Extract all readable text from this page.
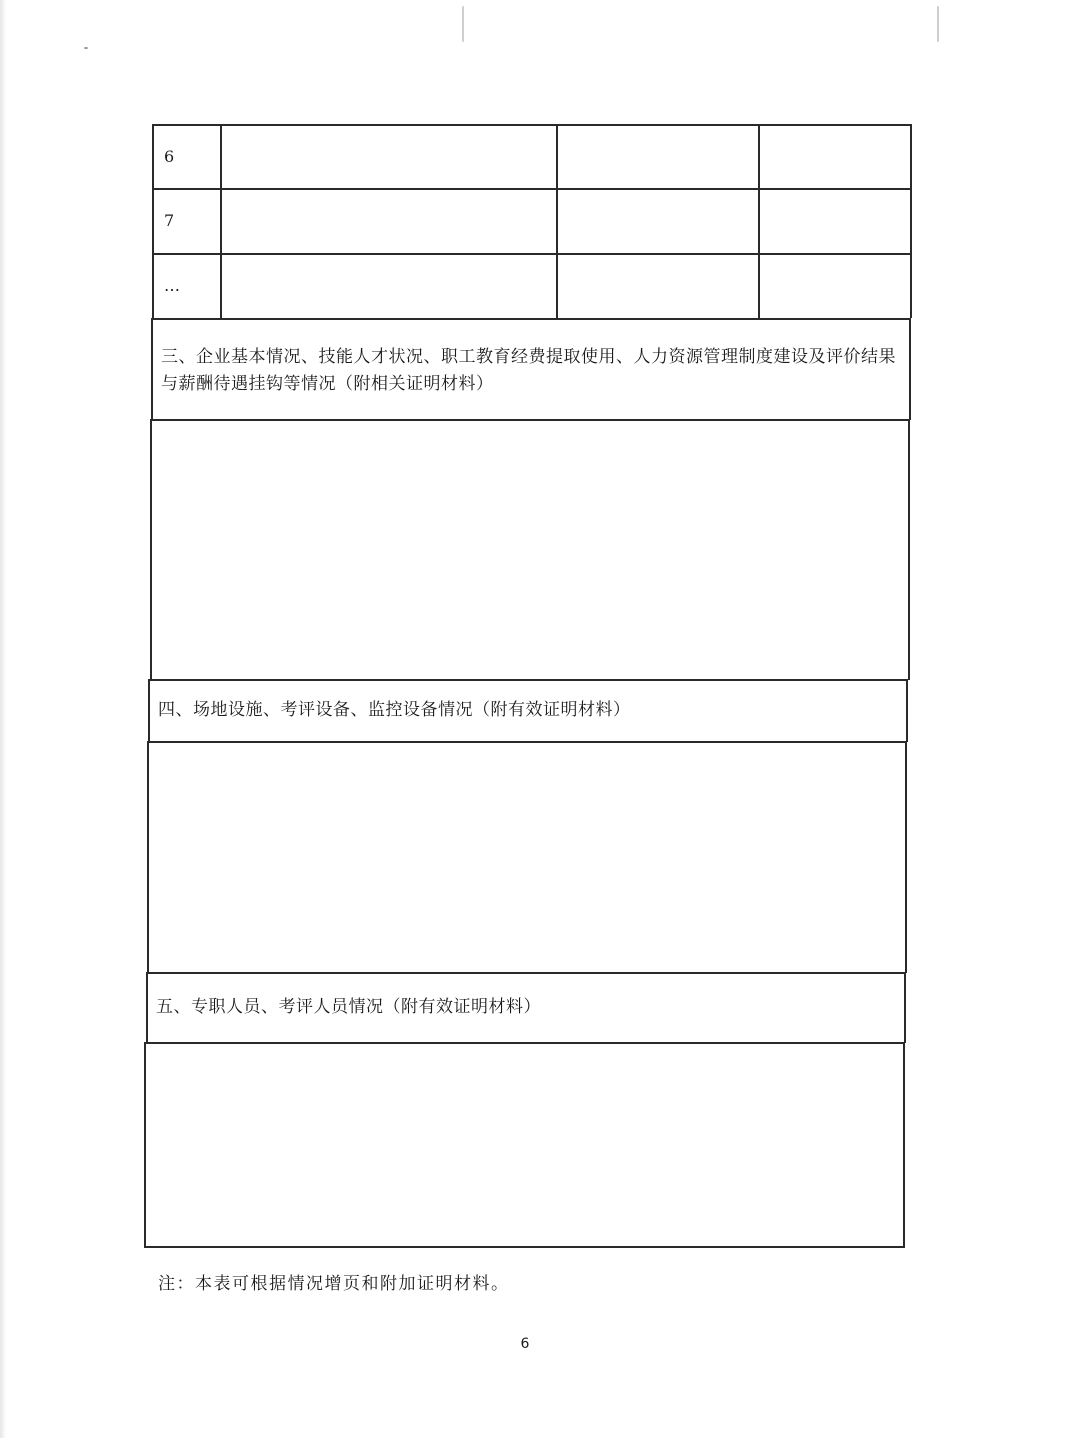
6
7
…
三、企业基本情况、技能人才状况、职工教育经费提取使用、人力资源管理制度建设及评价结果与薪酬待遇挂钩等情况（附相关证明材料）
四、场地设施、考评设备、监控设备情况（附有效证明材料）
五、专职人员、考评人员情况（附有效证明材料）
注：本表可根据情况增页和附加证明材料。
6
